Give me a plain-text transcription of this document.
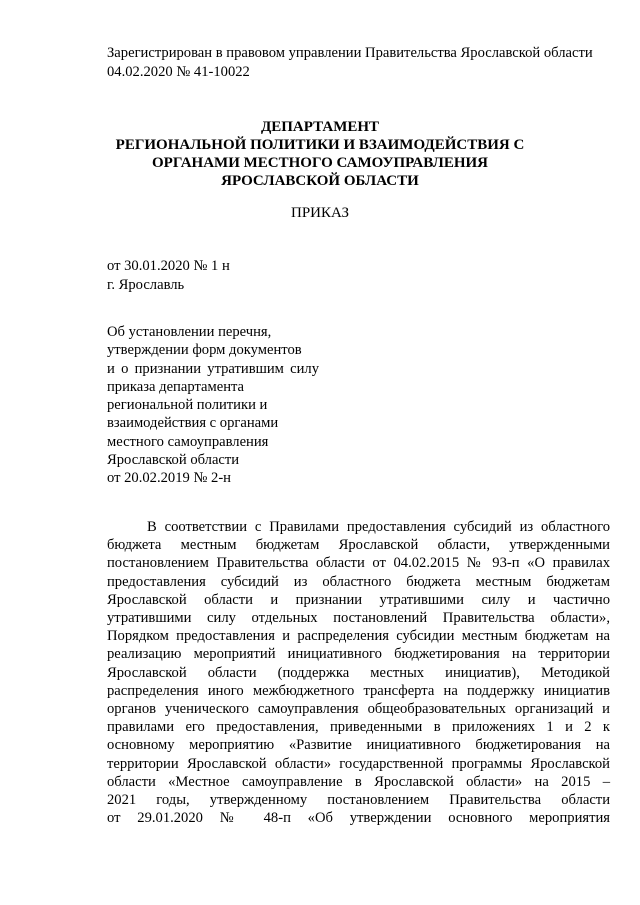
Зарегистрирован в правовом управлении Правительства Ярославской области
04.02.2020 № 41-10022
ДЕПАРТАМЕНТ
РЕГИОНАЛЬНОЙ ПОЛИТИКИ И ВЗАИМОДЕЙСТВИЯ С
ОРГАНАМИ МЕСТНОГО САМОУПРАВЛЕНИЯ
ЯРОСЛАВСКОЙ ОБЛАСТИ
ПРИКАЗ
от 30.01.2020 № 1 н
г. Ярославль
Об установлении перечня,
утверждении форм документов
и о признании утратившим силу
приказа департамента
региональной политики и
взаимодействия с органами
местного самоуправления
Ярославской области
от 20.02.2019 № 2-н
В соответствии с Правилами предоставления субсидий из областного
бюджета местным бюджетам Ярославской области, утвержденными
постановлением Правительства области от 04.02.2015 № 93-п «О правилах
предоставления субсидий из областного бюджета местным бюджетам
Ярославской области и признании утратившими силу и частично
утратившими силу отдельных постановлений Правительства области»,
Порядком предоставления и распределения субсидии местным бюджетам на
реализацию мероприятий инициативного бюджетирования на территории
Ярославской области (поддержка местных инициатив), Методикой
распределения иного межбюджетного трансферта на поддержку инициатив
органов ученического самоуправления общеобразовательных организаций и
правилами его предоставления, приведенными в приложениях 1 и 2 к
основному мероприятию «Развитие инициативного бюджетирования на
территории Ярославской области» государственной программы Ярославской
области «Местное самоуправление в Ярославской области» на 2015 –
2021 годы, утвержденному постановлением Правительства области
от 29.01.2020 № 48-п «Об утверждении основного мероприятия
